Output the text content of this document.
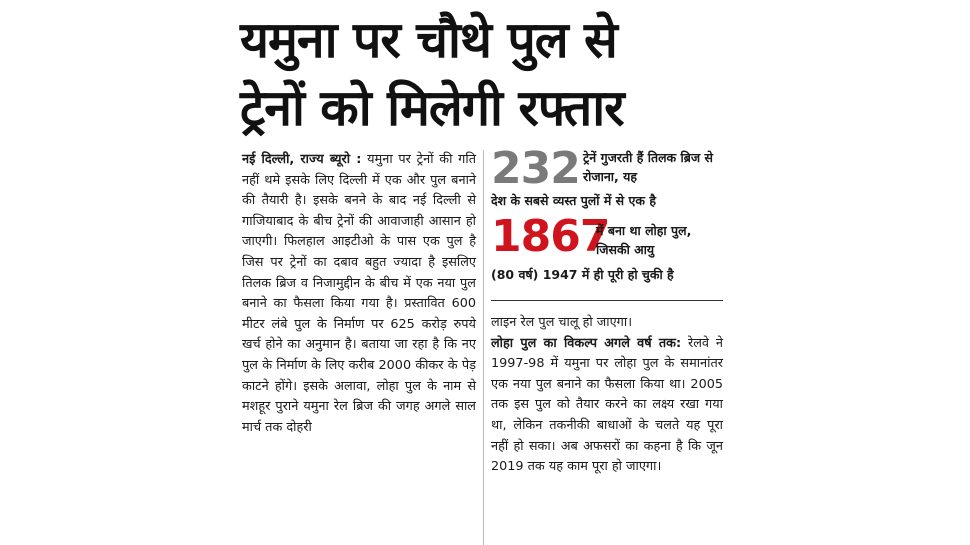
यमुना पर चौथे पुल से
ट्रेनों को मिलेगी रफ्तार

नई दिल्ली, राज्य ब्यूरो : यमुना पर ट्रेनों की गति नहीं थमे इसके लिए दिल्ली में एक और पुल बनाने की तैयारी है। इसके बनने के बाद नई दिल्ली से गाजियाबाद के बीच ट्रेनों की आवाजाही आसान हो जाएगी। फिलहाल आइटीओ के पास एक पुल है जिस पर ट्रेनों का दबाव बहुत ज्यादा है इसलिए तिलक ब्रिज व निजामुद्दीन के बीच में एक नया पुल बनाने का फैसला किया गया है। प्रस्तावित 600 मीटर लंबे पुल के निर्माण पर 625 करोड़ रुपये खर्च होने का अनुमान है। बताया जा रहा है कि नए पुल के निर्माण के लिए करीब 2000 कीकर के पेड़ काटने होंगे। इसके अलावा, लोहा पुल के नाम से मशहूर पुराने यमुना रेल ब्रिज की जगह अगले साल मार्च तक दोहरी

232 ट्रेनें गुजरती हैं तिलक ब्रिज से रोजाना, यह
देश के सबसे व्यस्त पुलों में से एक है
1867
में बना था लोहा पुल, जिसकी आयु
(80 वर्ष) 1947 में ही पूरी हो चुकी है

लाइन रेल पुल चालू हो जाएगा।

लोहा पुल का विकल्प अगले वर्ष तक: रेलवे ने 1997-98 में यमुना पर लोहा पुल के समानांतर एक नया पुल बनाने का फैसला किया था। 2005 तक इस पुल को तैयार करने का लक्ष्य रखा गया था, लेकिन तकनीकी बाधाओं के चलते यह पूरा नहीं हो सका। अब अफसरों का कहना है कि जून 2019 तक यह काम पूरा हो जाएगा।
